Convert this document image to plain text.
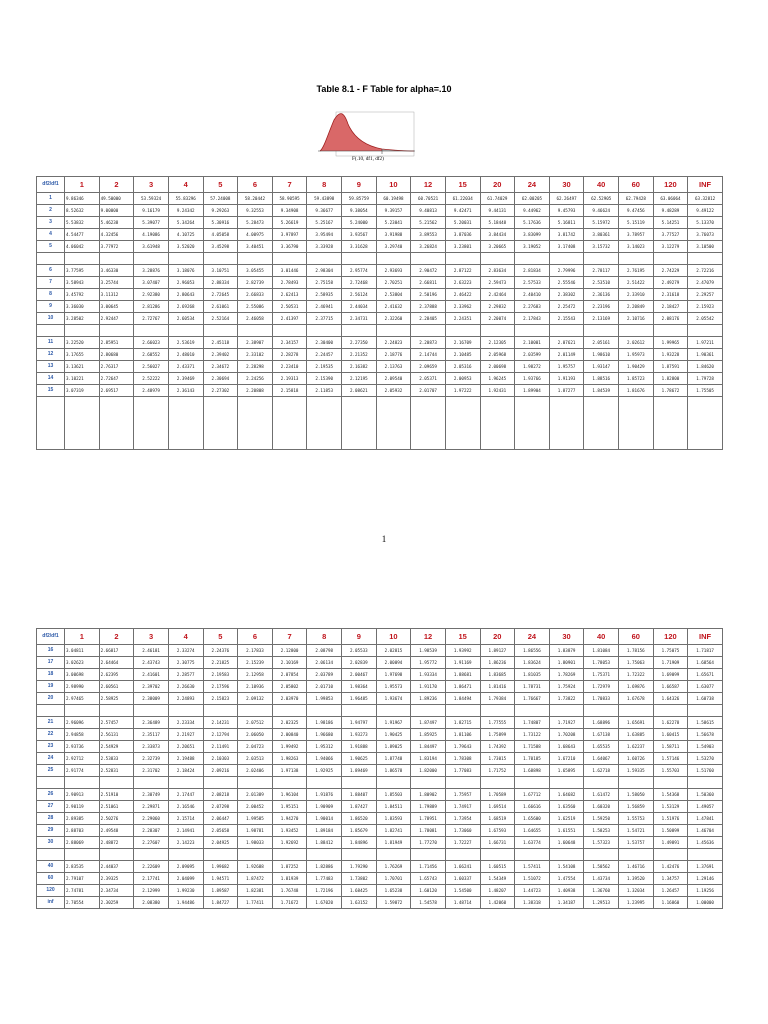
Table 8.1 - F Table for alpha=.10
F(.10, df1, df2)
df2/df1	1	2	3	4	5	6	7	8	9	10	12	15	20	24	30	40	60	120	INF
1	9.86346	49.50000	53.59324	55.83296	57.24008	58.20442	58.90595	59.43898	59.85759	60.19498	60.70521	61.22034	61.74029	62.00205	62.26497	62.52905	62.79428	63.06064	63.32812
2	8.52632	9.00000	9.16179	9.24342	9.29263	9.32553	9.34908	9.36677	9.38054	9.39157	9.40813	9.42471	9.44131	9.44962	9.45793	9.46624	9.47456	9.48289	9.49122
3	5.53832	5.46238	5.39077	5.34264	5.30916	5.28473	5.26619	5.25167	5.24000	5.23041	5.21562	5.20031	5.18448	5.17636	5.16811	5.15972	5.15119	5.14251	5.13370
4	4.54477	4.32456	4.19086	4.10725	4.05058	4.00975	3.97897	3.95494	3.93567	3.91988	3.89553	3.87036	3.84434	3.83099	3.81742	3.80361	3.78957	3.77527	3.76073
5	4.06042	3.77972	3.61948	3.52020	3.45298	3.40451	3.36790	3.33928	3.31628	3.29740	3.26824	3.23801	3.20665	3.19052	3.17408	3.15732	3.14023	3.12279	3.10500

6	3.77595	3.46330	3.28876	3.18076	3.10751	3.05455	3.01446	2.98304	2.95774	2.93693	2.90472	2.87122	2.83634	2.81834	2.79996	2.78117	2.76195	2.74229	2.72216
7	3.58943	3.25744	3.07407	2.96053	2.88334	2.82739	2.78493	2.75158	2.72468	2.70251	2.66811	2.63223	2.59473	2.57533	2.55546	2.53510	2.51422	2.49279	2.47079
8	3.45792	3.11312	2.92380	2.80643	2.72645	2.66833	2.62413	2.58935	2.56124	2.53804	2.50196	2.46422	2.42464	2.40410	2.38302	2.36136	2.33910	2.31618	2.29257
9	3.36030	3.00645	2.81286	2.69268	2.61061	2.55086	2.50531	2.46941	2.44034	2.41632	2.37888	2.33962	2.29832	2.27683	2.25472	2.23196	2.20849	2.18427	2.15923
10	3.28502	2.92447	2.72767	2.60534	2.52164	2.46058	2.41397	2.37715	2.34731	2.32260	2.28405	2.24351	2.20074	2.17843	2.15543	2.13169	2.10716	2.08176	2.05542

11	3.22520	2.85951	2.66023	2.53619	2.45118	2.38907	2.34157	2.30400	2.27350	2.24823	2.20873	2.16709	2.12305	2.10001	2.07621	2.05161	2.02612	1.99965	1.97211
12	3.17655	2.80680	2.60552	2.48010	2.39402	2.33102	2.28278	2.24457	2.21352	2.18776	2.14744	2.10485	2.05968	2.03599	2.01149	1.98610	1.95973	1.93228	1.90361
13	3.13621	2.76317	2.56027	2.43371	2.34672	2.28298	2.23410	2.19535	2.16382	2.13763	2.09659	2.05316	2.00698	1.98272	1.95757	1.93147	1.90429	1.87591	1.84620
14	3.10221	2.72647	2.52222	2.39469	2.30694	2.24256	2.19313	2.15390	2.12195	2.09540	2.05371	2.00953	1.96245	1.93766	1.91193	1.88516	1.85723	1.82800	1.79728
15	3.07319	2.69517	2.48979	2.36143	2.27302	2.20808	2.15818	2.11853	2.08621	2.05932	2.01707	1.97222	1.92431	1.89904	1.87277	1.84539	1.81676	1.78672	1.75505

1
df2/df1	1	2	3	4	5	6	7	8	9	10	12	15	20	24	30	40	60	120	INF
16	3.04811	2.66817	2.46181	2.33274	2.24376	2.17833	2.12800	2.08798	2.05533	2.02815	1.98539	1.93992	1.89127	1.86556	1.83879	1.81084	1.78156	1.75075	1.71817
17	3.02623	2.64464	2.43743	2.30775	2.21825	2.15239	2.10169	2.06134	2.02839	2.00094	1.95772	1.91169	1.86236	1.83624	1.80901	1.78053	1.75063	1.71909	1.68564
18	3.00698	2.62395	2.41601	2.28577	2.19583	2.12958	2.07854	2.03789	2.00467	1.97698	1.93334	1.88681	1.83685	1.81035	1.78269	1.75371	1.72322	1.69099	1.65671
19	2.98990	2.60561	2.39702	2.26630	2.17596	2.10936	2.05802	2.01710	1.98364	1.95573	1.91170	1.86471	1.81416	1.78731	1.75924	1.72979	1.69876	1.66587	1.63077
20	2.97465	2.58925	2.38009	2.24893	2.15823	2.09132	2.03970	1.99853	1.96485	1.93674	1.89236	1.84494	1.79384	1.76667	1.73822	1.70833	1.67678	1.64326	1.60738

21	2.96096	2.57457	2.36489	2.23334	2.14231	2.07512	2.02325	1.98186	1.94797	1.91967	1.87497	1.82715	1.77555	1.74807	1.71927	1.68896	1.65691	1.62278	1.58615
22	2.94858	2.56131	2.35117	2.21927	2.12794	2.06050	2.00840	1.96680	1.93273	1.90425	1.85925	1.81106	1.75899	1.73122	1.70208	1.67138	1.63885	1.60415	1.56678
23	2.93736	2.54929	2.33873	2.20651	2.11491	2.04723	1.99492	1.95312	1.91888	1.89025	1.84497	1.79643	1.74392	1.71588	1.68643	1.65535	1.62237	1.58711	1.54903
24	2.92712	2.53833	2.32739	2.19488	2.10303	2.03513	1.98263	1.94066	1.90625	1.87748	1.83194	1.78308	1.73015	1.70185	1.67210	1.64067	1.60726	1.57146	1.53270
25	2.91774	2.52831	2.31702	2.18424	2.09216	2.02406	1.97138	1.92925	1.89469	1.86578	1.82000	1.77083	1.71752	1.68898	1.65895	1.62718	1.59335	1.55703	1.51760

26	2.90913	2.51910	2.30749	2.17447	2.08218	2.01389	1.96104	1.91876	1.88407	1.85503	1.80902	1.75957	1.70589	1.67712	1.64682	1.61472	1.58050	1.54368	1.50360
27	2.90119	2.51061	2.29871	2.16546	2.07298	2.00452	1.95151	1.90909	1.87427	1.84511	1.79889	1.74917	1.69514	1.66616	1.63560	1.60320	1.56859	1.53129	1.49057
28	2.89385	2.50276	2.29060	2.15714	2.06447	1.99585	1.94270	1.90014	1.86520	1.83593	1.78951	1.73954	1.68519	1.65600	1.62519	1.59250	1.55753	1.51976	1.47841
29	2.88703	2.49548	2.28307	2.14941	2.05658	1.98781	1.93452	1.89184	1.85679	1.82741	1.78081	1.73060	1.67593	1.64655	1.61551	1.58253	1.54721	1.50899	1.46704
30	2.88069	2.48872	2.27607	2.14223	2.04925	1.98033	1.92692	1.88412	1.84896	1.81949	1.77270	1.72227	1.66731	1.63774	1.60648	1.57323	1.53757	1.49891	1.45636

40	2.83535	2.44037	2.22609	2.09095	1.99682	1.92688	1.87252	1.82886	1.79290	1.76269	1.71456	1.66241	1.60515	1.57411	1.54108	1.50562	1.46716	1.42476	1.37691
60	2.79107	2.39325	2.17741	2.04099	1.94571	1.87472	1.81939	1.77483	1.73802	1.70701	1.65743	1.60337	1.54349	1.51072	1.47554	1.43734	1.39520	1.34757	1.29146
120	2.74781	2.34734	2.12999	1.99230	1.89587	1.82381	1.76748	1.72196	1.68425	1.65238	1.60120	1.54500	1.48207	1.44723	1.40938	1.36760	1.32034	1.26457	1.19256
inf	2.70554	2.30259	2.08380	1.94486	1.84727	1.77411	1.71672	1.67020	1.63152	1.59872	1.54578	1.48714	1.42060	1.38318	1.34187	1.29513	1.23995	1.16860	1.00000
